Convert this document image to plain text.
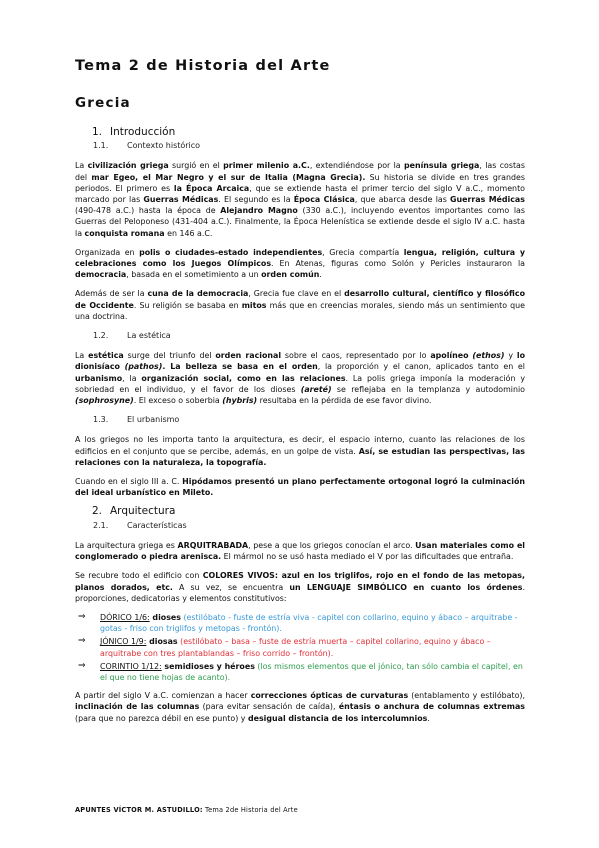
Tema 2 de Historia del Arte
Grecia
1. Introducción
1.1.	Contexto histórico

La civilización griega surgió en el primer milenio a.C., extendiéndose por la península griega, las costas del mar Egeo, el Mar Negro y el sur de Italia (Magna Grecia). Su historia se divide en tres grandes periodos. El primero es la Época Arcaica, que se extiende hasta el primer tercio del siglo V a.C., momento marcado por las Guerras Médicas. El segundo es la Época Clásica, que abarca desde las Guerras Médicas (490-478 a.C.) hasta la época de Alejandro Magno (330 a.C.), incluyendo eventos importantes como las Guerras del Peloponeso (431-404 a.C.). Finalmente, la Época Helenística se extiende desde el siglo IV a.C. hasta la conquista romana en 146 a.C.

Organizada en polis o ciudades-estado independientes, Grecia compartía lengua, religión, cultura y celebraciones como los Juegos Olímpicos. En Atenas, figuras como Solón y Pericles instauraron la democracia, basada en el sometimiento a un orden común.

Además de ser la cuna de la democracia, Grecia fue clave en el desarrollo cultural, científico y filosófico de Occidente. Su religión se basaba en mitos más que en creencias morales, siendo más un sentimiento que una doctrina.

1.2.	La estética

La estética surge del triunfo del orden racional sobre el caos, representado por lo apolíneo (ethos) y lo dionisíaco (pathos). La belleza se basa en el orden, la proporción y el canon, aplicados tanto en el urbanismo, la organización social, como en las relaciones. La polis griega imponía la moderación y sobriedad en el individuo, y el favor de los dioses (areté) se reflejaba en la templanza y autodominio (sophrosyne). El exceso o soberbia (hybris) resultaba en la pérdida de ese favor divino.

1.3.	El urbanismo

A los griegos no les importa tanto la arquitectura, es decir, el espacio interno, cuanto las relaciones de los edificios en el conjunto que se percibe, además, en un golpe de vista. Así, se estudian las perspectivas, las relaciones con la naturaleza, la topografía.

Cuando en el siglo III a. C. Hipódamos presentó un plano perfectamente ortogonal logró la culminación del ideal urbanístico en Mileto.

2. Arquitectura
2.1.	Características

La arquitectura griega es ARQUITRABADA, pese a que los griegos conocían el arco. Usan materiales como el conglomerado o piedra arenisca. El mármol no se usó hasta mediado el V por las dificultades que entraña.

Se recubre todo el edificio con COLORES VIVOS: azul en los triglifos, rojo en el fondo de las metopas, planos dorados, etc. A su vez, se encuentra un LENGUAJE SIMBÓLICO en cuanto los órdenes. proporciones, dedicatorias y elementos constitutivos:

⇒	DÓRICO 1/6: dioses (estilóbato - fuste de estría viva - capitel con collarino, equino y ábaco – arquitrabe - gotas - friso con triglifos y metopas - frontón).
⇒	JÓNICO 1/9: diosas (estilóbato – basa – fuste de estría muerta – capitel collarino, equino y ábaco – arquitrabe con tres plantablandas – friso corrido – frontón).
⇒	CORINTIO 1/12: semidioses y héroes (los mismos elementos que el jónico, tan sólo cambia el capitel, en el que no tiene hojas de acanto).

A partir del siglo V a.C. comienzan a hacer correcciones ópticas de curvaturas (entablamento y estilóbato), inclinación de las columnas (para evitar sensación de caída), éntasis o anchura de columnas extremas (para que no parezca débil en ese punto) y desigual distancia de los intercolumnios.

APUNTES VÍCTOR M. ASTUDILLO: Tema 2de Historia del Arte
